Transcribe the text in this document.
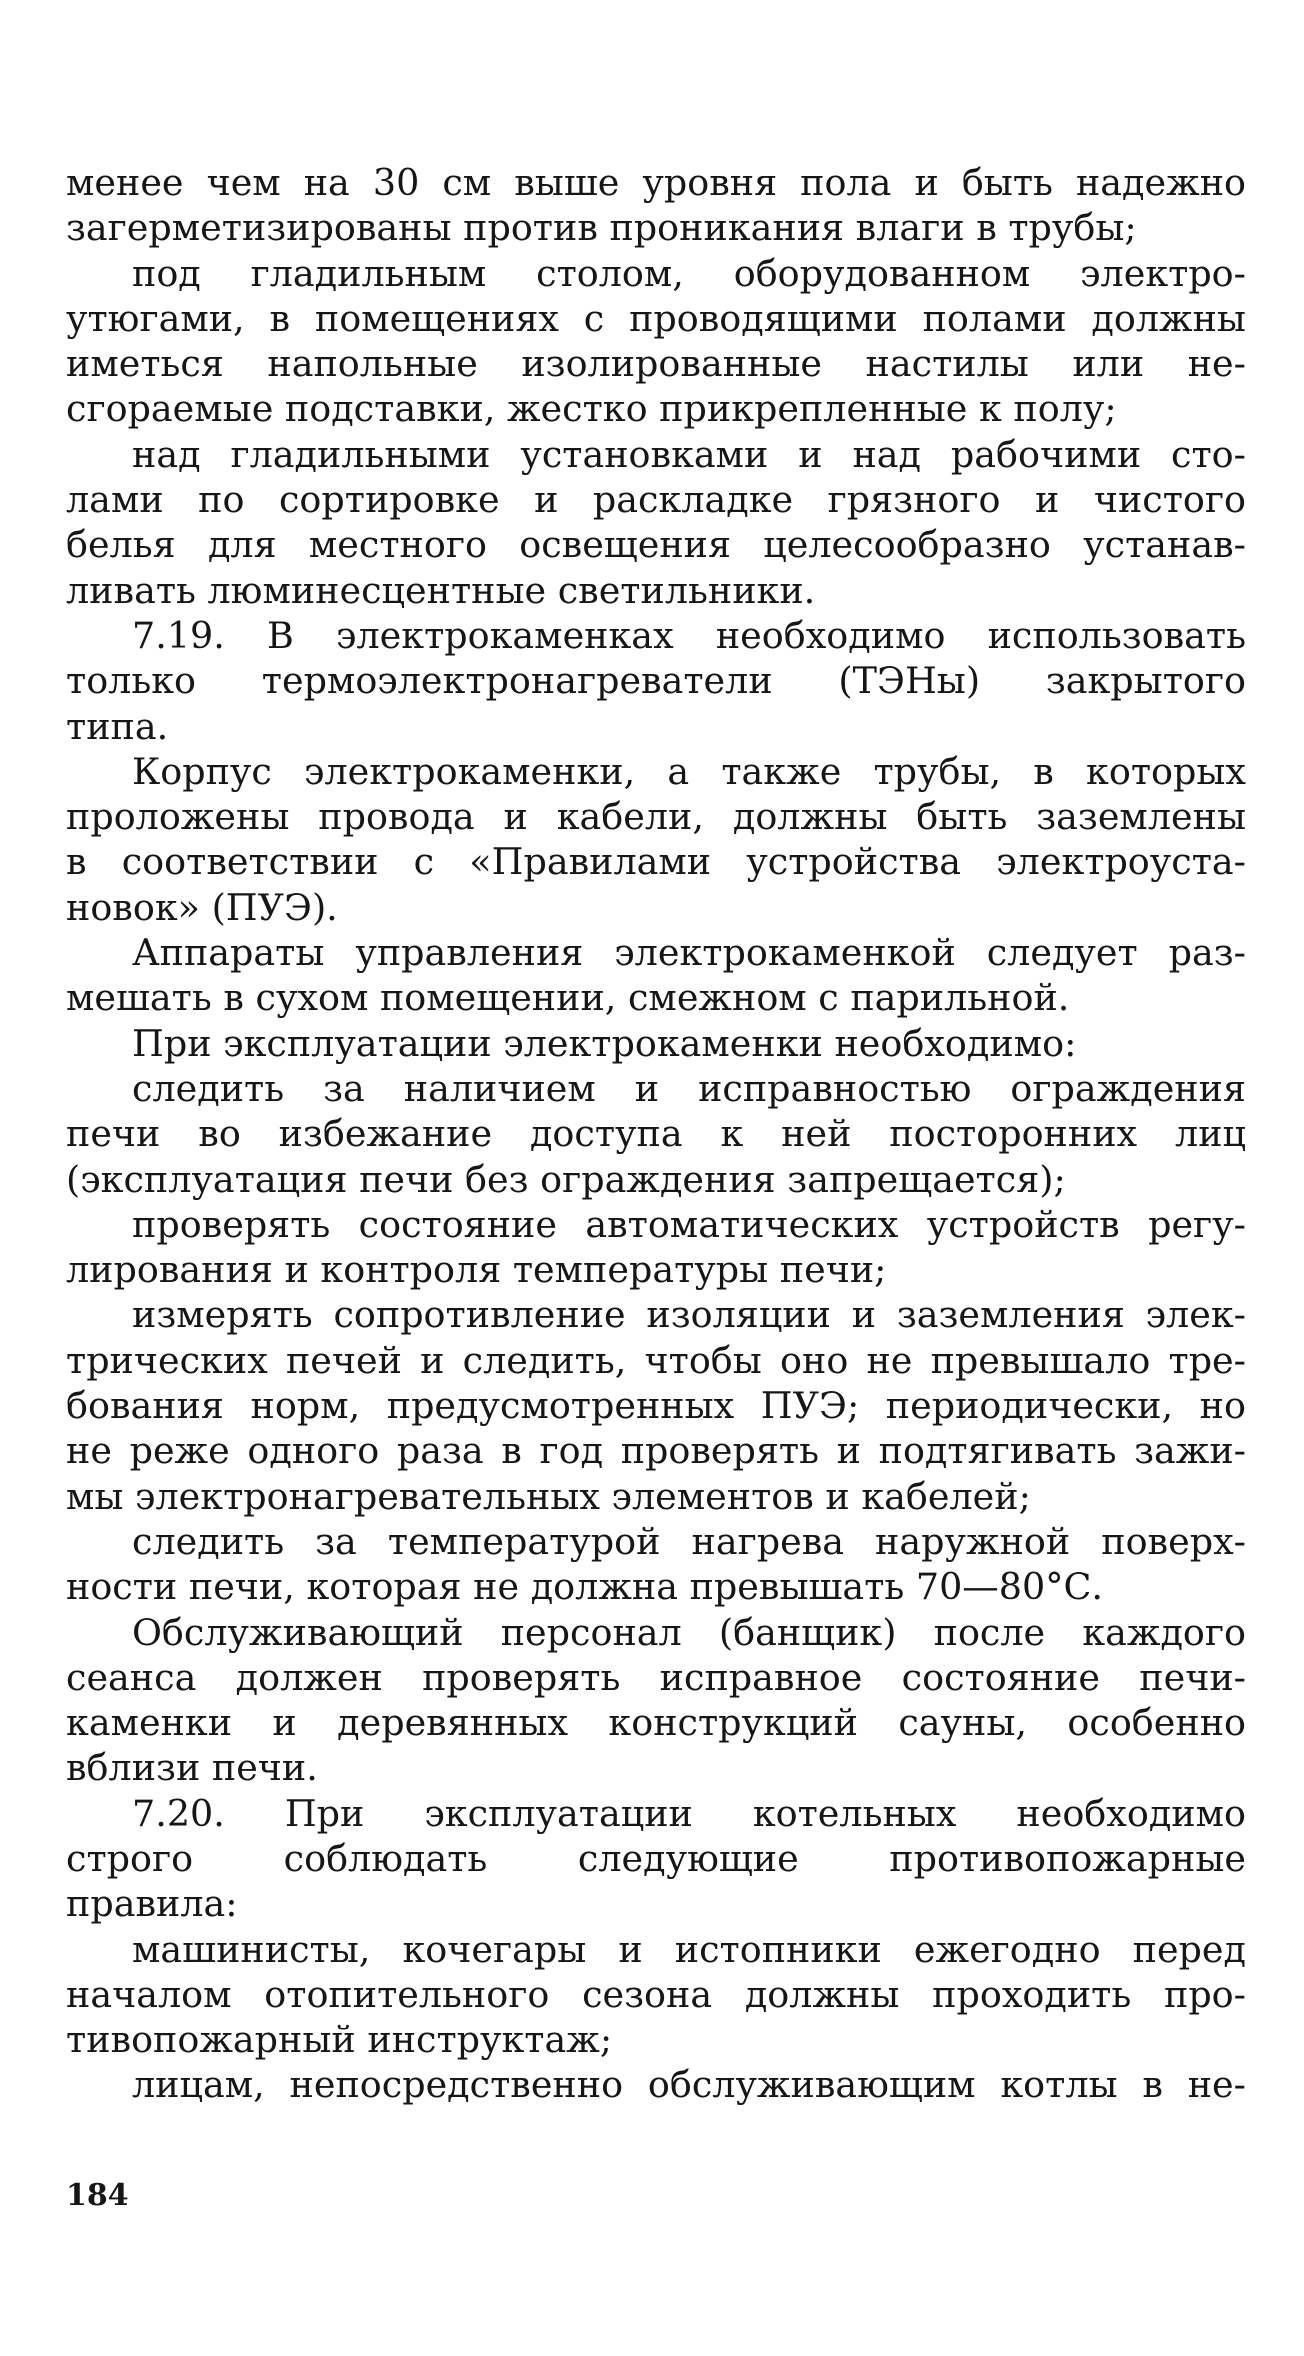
менее чем на 30 см выше уровня пола и быть надежно
загерметизированы против проникания влаги в трубы;
под гладильным столом, оборудованном электро-
утюгами, в помещениях с проводящими полами должны
иметься напольные изолированные настилы или не-
сгораемые подставки, жестко прикрепленные к полу;
над гладильными установками и над рабочими сто-
лами по сортировке и раскладке грязного и чистого
белья для местного освещения целесообразно устанав-
ливать люминесцентные светильники.
7.19. В электрокаменках необходимо использовать
только термоэлектронагреватели (ТЭНы) закрытого
типа.
Корпус электрокаменки, а также трубы, в которых
проложены провода и кабели, должны быть заземлены
в соответствии с «Правилами устройства электроуста-
новок» (ПУЭ).
Аппараты управления электрокаменкой следует раз-
мешать в сухом помещении, смежном с парильной.
При эксплуатации электрокаменки необходимо:
следить за наличием и исправностью ограждения
печи во избежание доступа к ней посторонних лиц
(эксплуатация печи без ограждения запрещается);
проверять состояние автоматических устройств регу-
лирования и контроля температуры печи;
измерять сопротивление изоляции и заземления элек-
трических печей и следить, чтобы оно не превышало тре-
бования норм, предусмотренных ПУЭ; периодически, но
не реже одного раза в год проверять и подтягивать зажи-
мы электронагревательных элементов и кабелей;
следить за температурой нагрева наружной поверх-
ности печи, которая не должна превышать 70—80°С.
Обслуживающий персонал (банщик) после каждого
сеанса должен проверять исправное состояние печи-
каменки и деревянных конструкций сауны, особенно
вблизи печи.
7.20. При эксплуатации котельных необходимо
строго соблюдать следующие противопожарные
правила:
машинисты, кочегары и истопники ежегодно перед
началом отопительного сезона должны проходить про-
тивопожарный инструктаж;
лицам, непосредственно обслуживающим котлы в не-
184
